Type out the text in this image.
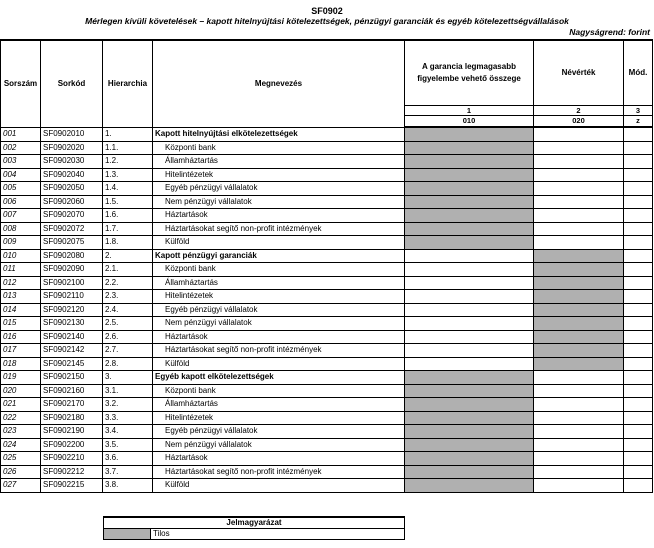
SF0902
Mérlegen kívüli követelések – kapott hitelnyújtási kötelezettségek, pénzügyi garanciák és egyéb kötelezettségvállalások
Nagyságrend: forint
Sorszám	Sorkód	Hierarchia	Megnevezés	A garancia legmagasabb figyelembe vehető összege	Névérték	Mód.
				1	2	3
				010	020	z
001	SF0902010	1.	Kapott hitelnyújtási elkötelezettségek			
002	SF0902020	1.1.	Központi bank			
003	SF0902030	1.2.	Államháztartás			
004	SF0902040	1.3.	Hitelintézetek			
005	SF0902050	1.4.	Egyéb pénzügyi vállalatok			
006	SF0902060	1.5.	Nem pénzügyi vállalatok			
007	SF0902070	1.6.	Háztartások			
008	SF0902072	1.7.	Háztartásokat segítő non-profit intézmények			
009	SF0902075	1.8.	Külföld			
010	SF0902080	2.	Kapott pénzügyi garanciák			
011	SF0902090	2.1.	Központi bank			
012	SF0902100	2.2.	Államháztartás			
013	SF0902110	2.3.	Hitelintézetek			
014	SF0902120	2.4.	Egyéb pénzügyi vállalatok			
015	SF0902130	2.5.	Nem pénzügyi vállalatok			
016	SF0902140	2.6.	Háztartások			
017	SF0902142	2.7.	Háztartásokat segítő non-profit intézmények			
018	SF0902145	2.8.	Külföld			
019	SF0902150	3.	Egyéb kapott elkötelezettségek			
020	SF0902160	3.1.	Központi bank			
021	SF0902170	3.2.	Államháztartás			
022	SF0902180	3.3.	Hitelintézetek			
023	SF0902190	3.4.	Egyéb pénzügyi vállalatok			
024	SF0902200	3.5.	Nem pénzügyi vállalatok			
025	SF0902210	3.6.	Háztartások			
026	SF0902212	3.7.	Háztartásokat segítő non-profit intézmények			
027	SF0902215	3.8.	Külföld			
Jelmagyarázat
	Tilos
